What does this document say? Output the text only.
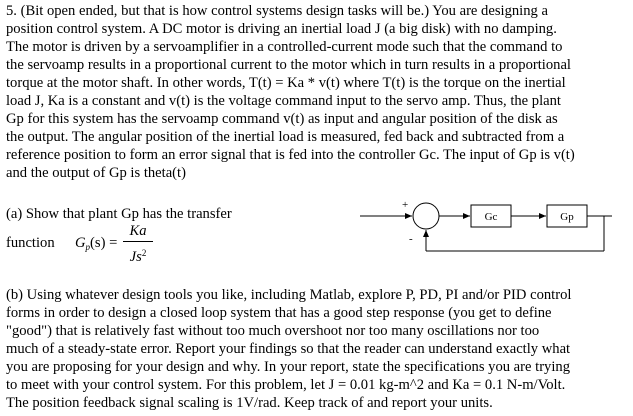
5. (Bit open ended, but that is how control systems design tasks will be.) You are designing a
position control system. A DC motor is driving an inertial load J (a big disk) with no damping.
The motor is driven by a servoamplifier in a controlled-current mode such that the command to
the servoamp results in a proportional current to the motor which in turn results in a proportional
torque at the motor shaft. In other words, T(t) = Ka * v(t) where T(t) is the torque on the inertial
load J, Ka is a constant and v(t) is the voltage command input to the servo amp. Thus, the plant
Gp for this system has the servoamp command v(t) as input and angular position of the disk as
the output. The angular position of the inertial load is measured, fed back and subtracted from a
reference position to form an error signal that is fed into the controller Gc. The input of Gp is v(t)
and the output of Gp is theta(t)
(a) Show that plant Gp has the transfer
function $G_p(s)$ =
Ka
$Js^2$
+
Gc	Gp
-
(b) Using whatever design tools you like, including Matlab, explore P, PD, PI and/or PID control
forms in order to design a closed loop system that has a good step response (you get to define
"good") that is relatively fast without too much overshoot nor too many oscillations nor too
much of a steady-state error. Report your findings so that the reader can understand exactly what
you are proposing for your design and why. In your report, state the specifications you are trying
to meet with your control system. For this problem, let J = 0.01 kg-m^2 and Ka = 0.1 N-m/Volt.
The position feedback signal scaling is 1V/rad. Keep track of and report your units.
